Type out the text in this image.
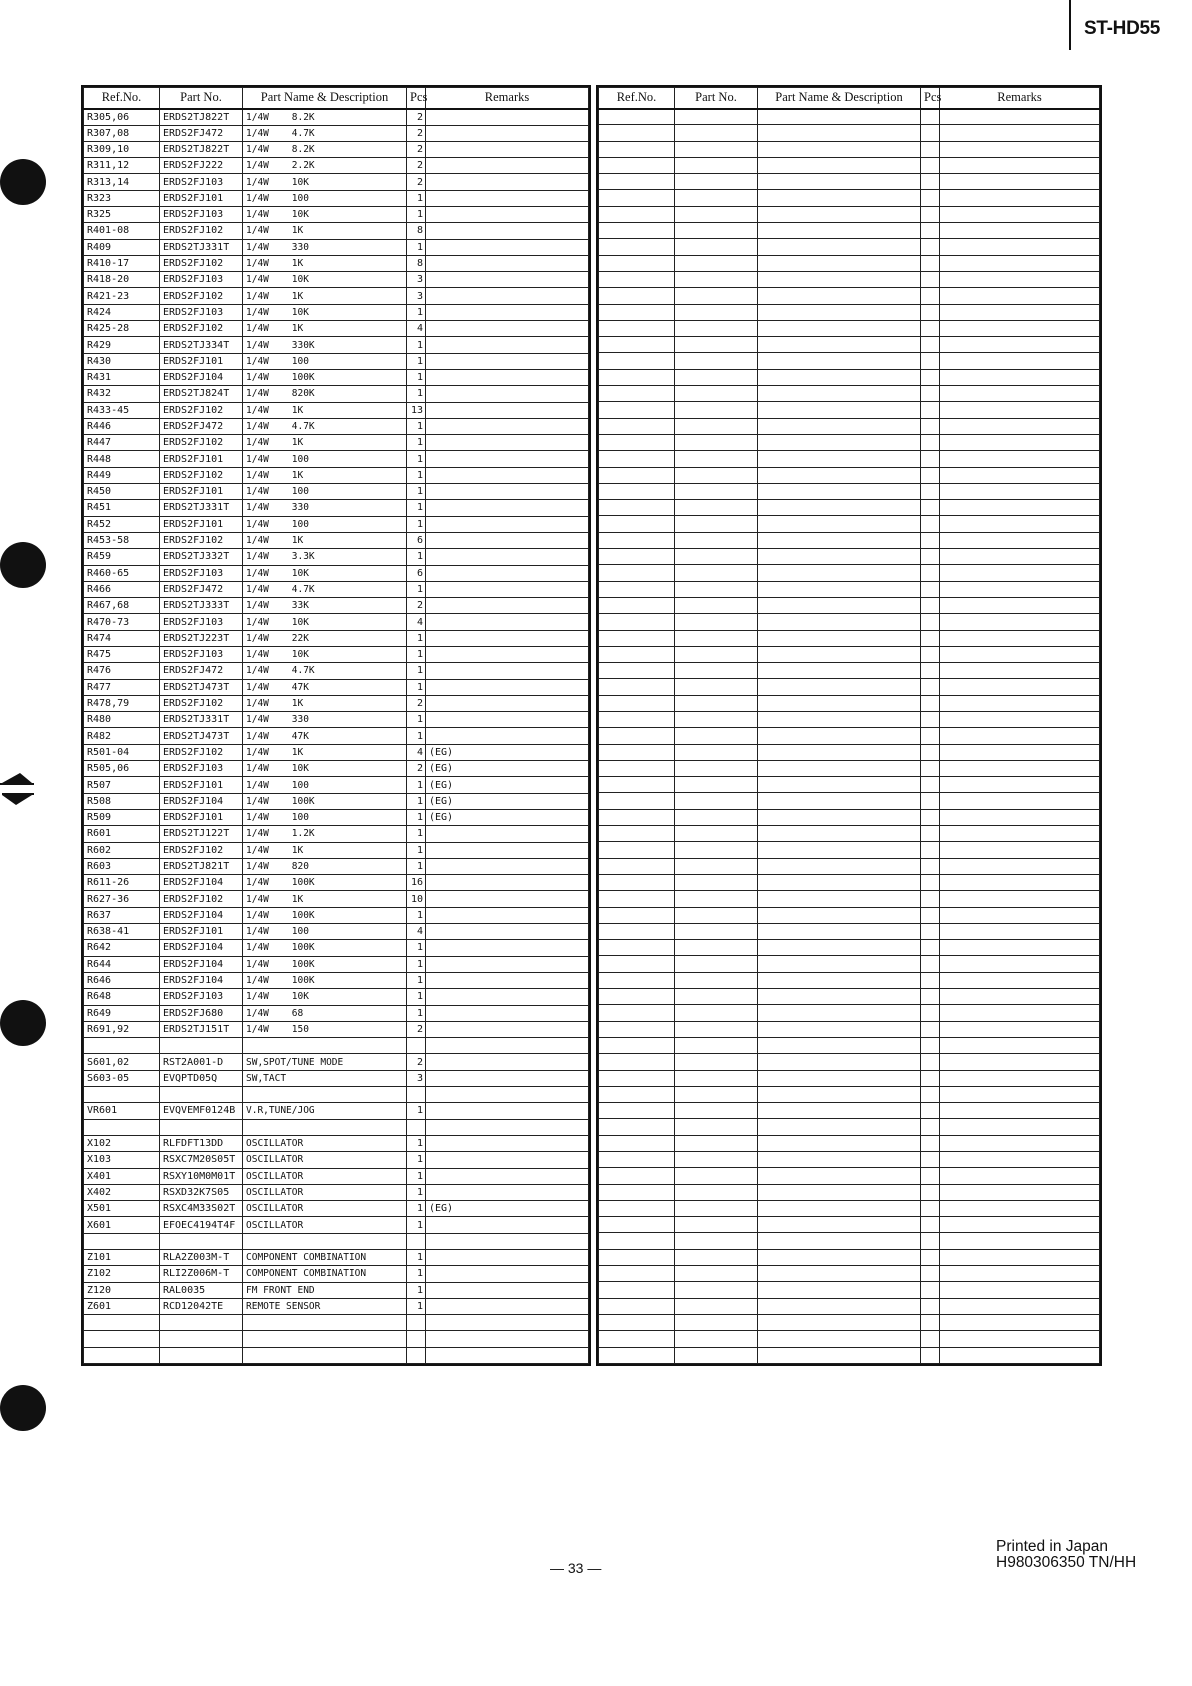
ST-HD55
Ref.No.	Part No.	Part Name & Description	Pcs	Remarks
R305,06	ERDS2TJ822T	1/4W    8.2K	2	
R307,08	ERDS2FJ472	1/4W    4.7K	2	
R309,10	ERDS2TJ822T	1/4W    8.2K	2	
R311,12	ERDS2FJ222	1/4W    2.2K	2	
R313,14	ERDS2FJ103	1/4W    10K	2	
R323	ERDS2FJ101	1/4W    100	1	
R325	ERDS2FJ103	1/4W    10K	1	
R401-08	ERDS2FJ102	1/4W    1K	8	
R409	ERDS2TJ331T	1/4W    330	1	
R410-17	ERDS2FJ102	1/4W    1K	8	
R418-20	ERDS2FJ103	1/4W    10K	3	
R421-23	ERDS2FJ102	1/4W    1K	3	
R424	ERDS2FJ103	1/4W    10K	1	
R425-28	ERDS2FJ102	1/4W    1K	4	
R429	ERDS2TJ334T	1/4W    330K	1	
R430	ERDS2FJ101	1/4W    100	1	
R431	ERDS2FJ104	1/4W    100K	1	
R432	ERDS2TJ824T	1/4W    820K	1	
R433-45	ERDS2FJ102	1/4W    1K	13	
R446	ERDS2FJ472	1/4W    4.7K	1	
R447	ERDS2FJ102	1/4W    1K	1	
R448	ERDS2FJ101	1/4W    100	1	
R449	ERDS2FJ102	1/4W    1K	1	
R450	ERDS2FJ101	1/4W    100	1	
R451	ERDS2TJ331T	1/4W    330	1	
R452	ERDS2FJ101	1/4W    100	1	
R453-58	ERDS2FJ102	1/4W    1K	6	
R459	ERDS2TJ332T	1/4W    3.3K	1	
R460-65	ERDS2FJ103	1/4W    10K	6	
R466	ERDS2FJ472	1/4W    4.7K	1	
R467,68	ERDS2TJ333T	1/4W    33K	2	
R470-73	ERDS2FJ103	1/4W    10K	4	
R474	ERDS2TJ223T	1/4W    22K	1	
R475	ERDS2FJ103	1/4W    10K	1	
R476	ERDS2FJ472	1/4W    4.7K	1	
R477	ERDS2TJ473T	1/4W    47K	1	
R478,79	ERDS2FJ102	1/4W    1K	2	
R480	ERDS2TJ331T	1/4W    330	1	
R482	ERDS2TJ473T	1/4W    47K	1	
R501-04	ERDS2FJ102	1/4W    1K	4	(EG)
R505,06	ERDS2FJ103	1/4W    10K	2	(EG)
R507	ERDS2FJ101	1/4W    100	1	(EG)
R508	ERDS2FJ104	1/4W    100K	1	(EG)
R509	ERDS2FJ101	1/4W    100	1	(EG)
R601	ERDS2TJ122T	1/4W    1.2K	1	
R602	ERDS2FJ102	1/4W    1K	1	
R603	ERDS2TJ821T	1/4W    820	1	
R611-26	ERDS2FJ104	1/4W    100K	16	
R627-36	ERDS2FJ102	1/4W    1K	10	
R637	ERDS2FJ104	1/4W    100K	1	
R638-41	ERDS2FJ101	1/4W    100	4	
R642	ERDS2FJ104	1/4W    100K	1	
R644	ERDS2FJ104	1/4W    100K	1	
R646	ERDS2FJ104	1/4W    100K	1	
R648	ERDS2FJ103	1/4W    10K	1	
R649	ERDS2FJ680	1/4W    68	1	
R691,92	ERDS2TJ151T	1/4W    150	2	

S601,02	RST2A001-D	SW,SPOT/TUNE MODE	2	
S603-05	EVQPTD05Q	SW,TACT	3	

VR601	EVQVEMF0124B	V.R,TUNE/JOG	1	

X102	RLFDFT13DD	OSCILLATOR	1	
X103	RSXC7M20S05T	OSCILLATOR	1	
X401	RSXY10M0M01T	OSCILLATOR	1	
X402	RSXD32K7S05	OSCILLATOR	1	
X501	RSXC4M33S02T	OSCILLATOR	1	(EG)
X601	EFOEC4194T4F	OSCILLATOR	1	

Z101	RLA2Z003M-T	COMPONENT COMBINATION	1	
Z102	RLI2Z006M-T	COMPONENT COMBINATION	1	
Z120	RAL0035	FM FRONT END	1	
Z601	RCD12042TE	REMOTE SENSOR	1	

Ref.No.	Part No.	Part Name & Description	Pcs	Remarks

— 33 —
Printed in Japan
H980306350 TN/HH
